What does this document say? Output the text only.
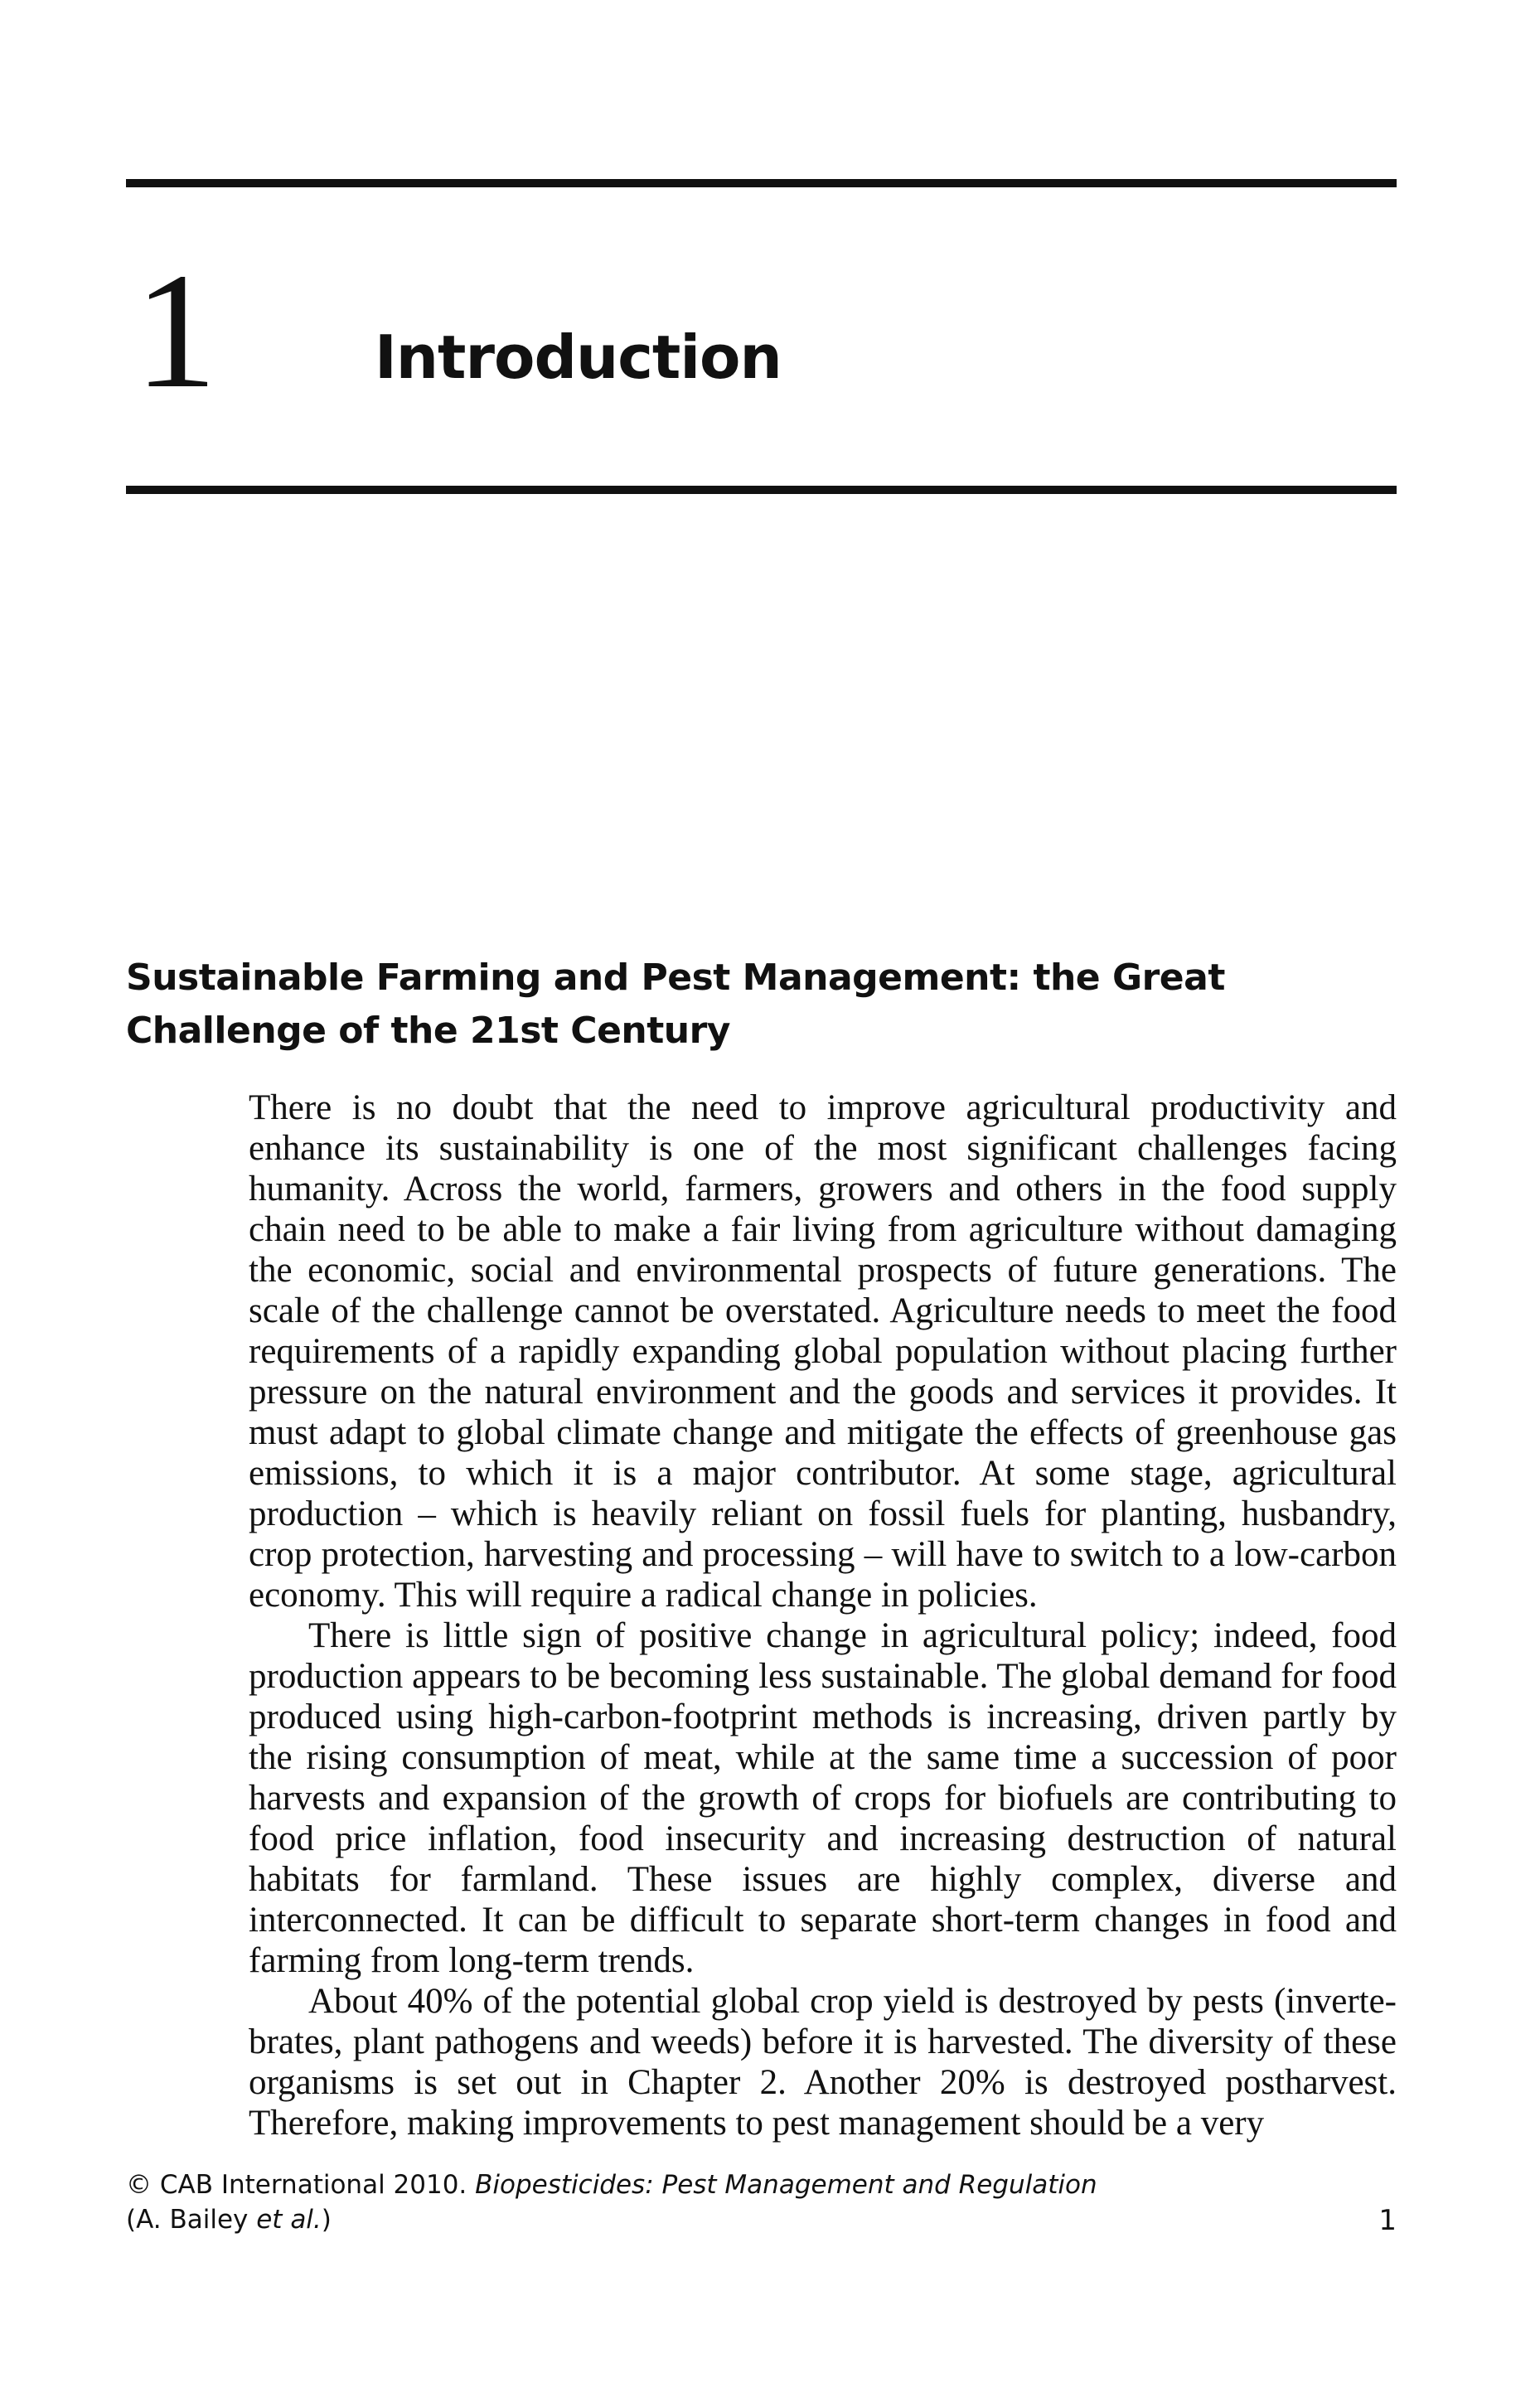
1	Introduction
Sustainable Farming and Pest Management: the Great Challenge of the 21st Century

There is no doubt that the need to improve agricultural productivity and enhance its sustainability is one of the most significant challenges facing humanity. Across the world, farmers, growers and others in the food supply chain need to be able to make a fair living from agriculture without damaging the economic, social and environmental prospects of future generations. The scale of the challenge cannot be overstated. Agriculture needs to meet the food requirements of a rapidly expanding global population without placing further pressure on the natural environment and the goods and services it provides. It must adapt to global climate change and mitigate the effects of greenhouse gas emissions, to which it is a major contributor. At some stage, agricultural production – which is heavily reliant on fossil fuels for planting, husbandry, crop protection, harvesting and processing – will have to switch to a low-carbon economy. This will require a radical change in policies.

There is little sign of positive change in agricultural policy; indeed, food production appears to be becoming less sustainable. The global demand for food produced using high-carbon-footprint methods is increasing, driven partly by the rising consumption of meat, while at the same time a succession of poor harvests and expansion of the growth of crops for biofuels are contributing to food price inflation, food insecurity and increasing destruction of natural habitats for farmland. These issues are highly complex, diverse and interconnected. It can be difficult to separate short-term changes in food and farming from long-term trends.

About 40% of the potential global crop yield is destroyed by pests (invertebrates, plant pathogens and weeds) before it is harvested. The diversity of these organisms is set out in Chapter 2. Another 20% is destroyed postharvest. Therefore, making improvements to pest management should be a very

© CAB International 2010. Biopesticides: Pest Management and Regulation
(A. Bailey et al.)	1
